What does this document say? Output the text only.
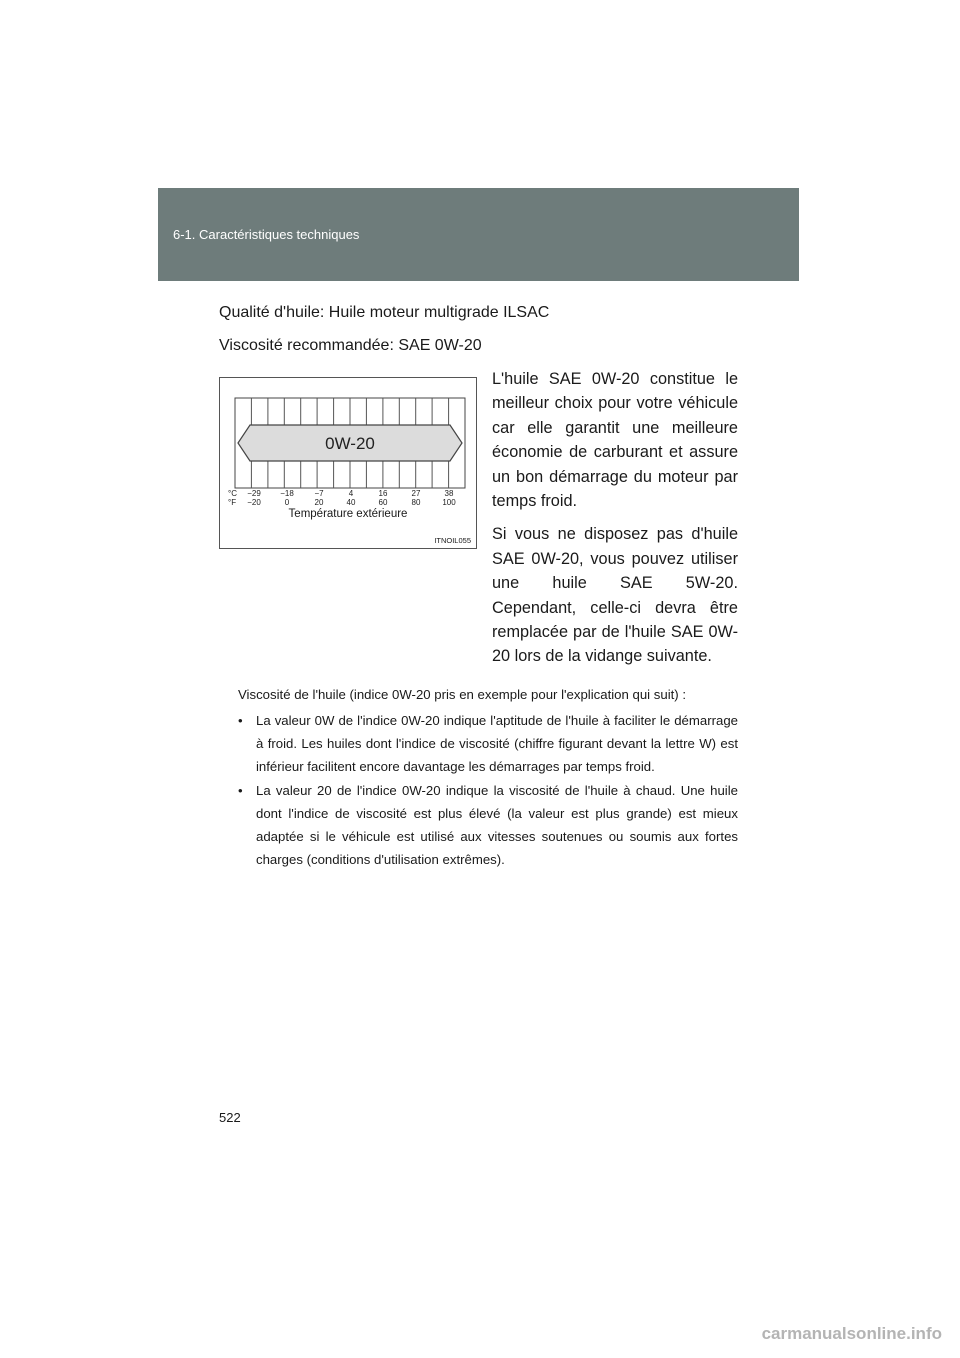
6-1. Caractéristiques techniques
Qualité d'huile: Huile moteur multigrade ILSAC
Viscosité recommandée: SAE 0W-20
0W-20
°C
°F
−29 −18	−7	4	16	27	38
−20	0	20	40	60	80	100
Température extérieure
ITNOIL055

L'huile SAE 0W-20 constitue le meilleur choix pour votre véhicule car elle garantit une meilleure économie de carburant et assure un bon démarrage du moteur par temps froid.

Si vous ne disposez pas d'huile SAE 0W-20, vous pouvez utiliser une huile SAE 5W-20. Cependant, celle-ci devra être remplacée par de l'huile SAE 0W-20 lors de la vidange suivante.

Viscosité de l'huile (indice 0W-20 pris en exemple pour l'explication qui suit) :

• La valeur 0W de l'indice 0W-20 indique l'aptitude de l'huile à faciliter le démarrage à froid. Les huiles dont l'indice de viscosité (chiffre figurant devant la lettre W) est inférieur facilitent encore davantage les démarrages par temps froid.
• La valeur 20 de l'indice 0W-20 indique la viscosité de l'huile à chaud. Une huile dont l'indice de viscosité est plus élevé (la valeur est plus grande) est mieux adaptée si le véhicule est utilisé aux vitesses soutenues ou soumis aux fortes charges (conditions d'utilisation extrêmes).
522
carmanualsonline.info
